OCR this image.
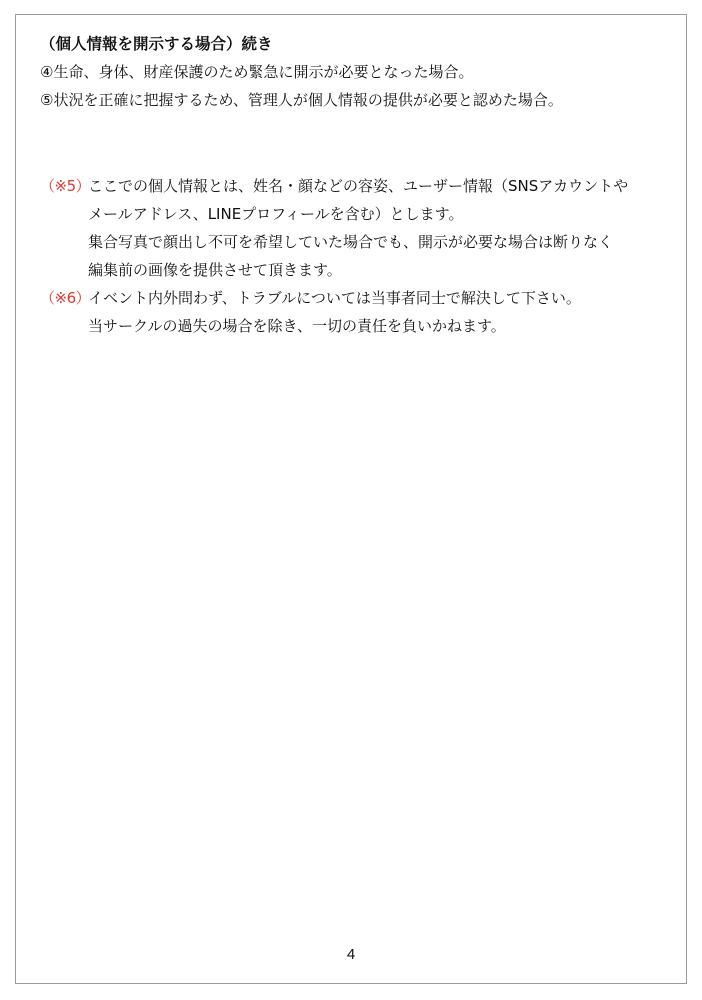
（個人情報を開示する場合）続き
④生命、身体、財産保護のため緊急に開示が必要となった場合。
⑤状況を正確に把握するため、管理人が個人情報の提供が必要と認めた場合。
（※5）
ここでの個人情報とは、姓名・顔などの容姿、ユーザー情報（SNSアカウントや
メールアドレス、LINEプロフィールを含む）とします。
集合写真で顔出し不可を希望していた場合でも、開示が必要な場合は断りなく
編集前の画像を提供させて頂きます。
（※6）
イベント内外問わず、トラブルについては当事者同士で解決して下さい。
当サークルの過失の場合を除き、一切の責任を負いかねます。
4
